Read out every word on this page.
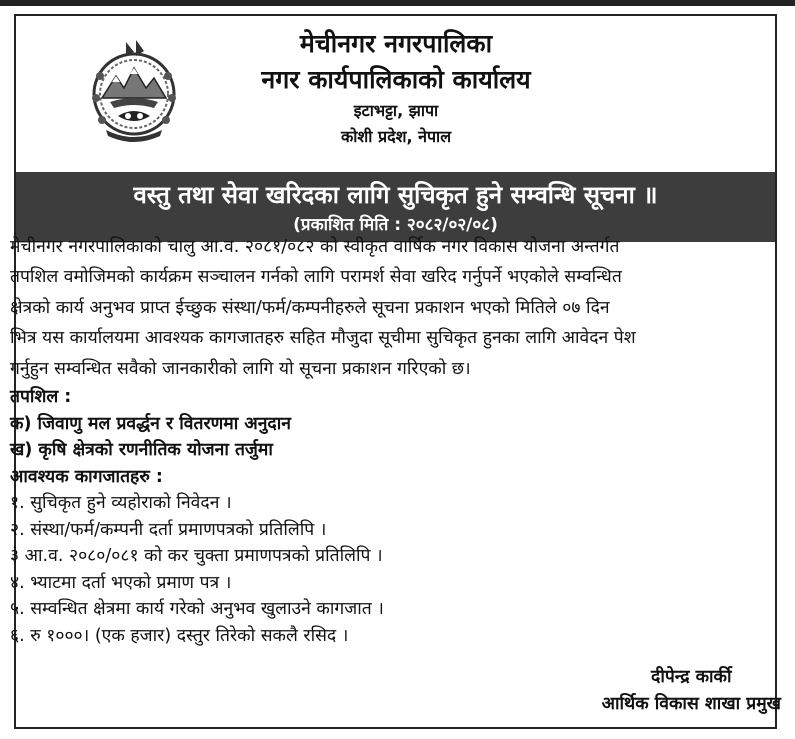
मेचीनगर नगरपालिका
नगर कार्यपालिकाको कार्यालय
इटाभट्टा, झापा
कोशी प्रदेश, नेपाल
वस्तु तथा सेवा खरिदका लागि सुचिकृत हुने सम्वन्धि सूचना ॥
(प्रकाशित मिति : २०८२/०२/०८)
मेचीनगर नगरपालिकाको चालु आ.व. २०८१/०८२ को स्वीकृत वार्षिक नगर विकास योजना अन्तर्गत
तपशिल वमोजिमको कार्यक्रम सञ्चालन गर्नको लागि परामर्श सेवा खरिद गर्नुपर्ने भएकोले सम्वन्धित
क्षेत्रको कार्य अनुभव प्राप्त ईच्छुक संस्था/फर्म/कम्पनीहरुले सूचना प्रकाशन भएको मितिले ०७ दिन
भित्र यस कार्यालयमा आवश्यक कागजातहरु सहित मौजुदा सूचीमा सुचिकृत हुनका लागि आवेदन पेश
गर्नुहुन सम्वन्धित सवैको जानकारीको लागि यो सूचना प्रकाशन गरिएको छ।
तपशिल :
क) जिवाणु मल प्रवर्द्धन र वितरणमा अनुदान
ख) कृषि क्षेत्रको रणनीतिक योजना तर्जुमा
आवश्यक कागजातहरु :
१. सुचिकृत हुने व्यहोराको निवेदन ।
२. संस्था/फर्म/कम्पनी दर्ता प्रमाणपत्रको प्रतिलिपि ।
३ं आ.व. २०८०/०८१ को कर चुक्ता प्रमाणपत्रको प्रतिलिपि ।
४. भ्याटमा दर्ता भएको प्रमाण पत्र ।
५. सम्वन्धित क्षेत्रमा कार्य गरेको अनुभव खुलाउने कागजात ।
६. रु १०००। (एक हजार) दस्तुर तिरेको सकलै रसिद ।
दीपेन्द्र कार्की
आर्थिक विकास शाखा प्रमुख
